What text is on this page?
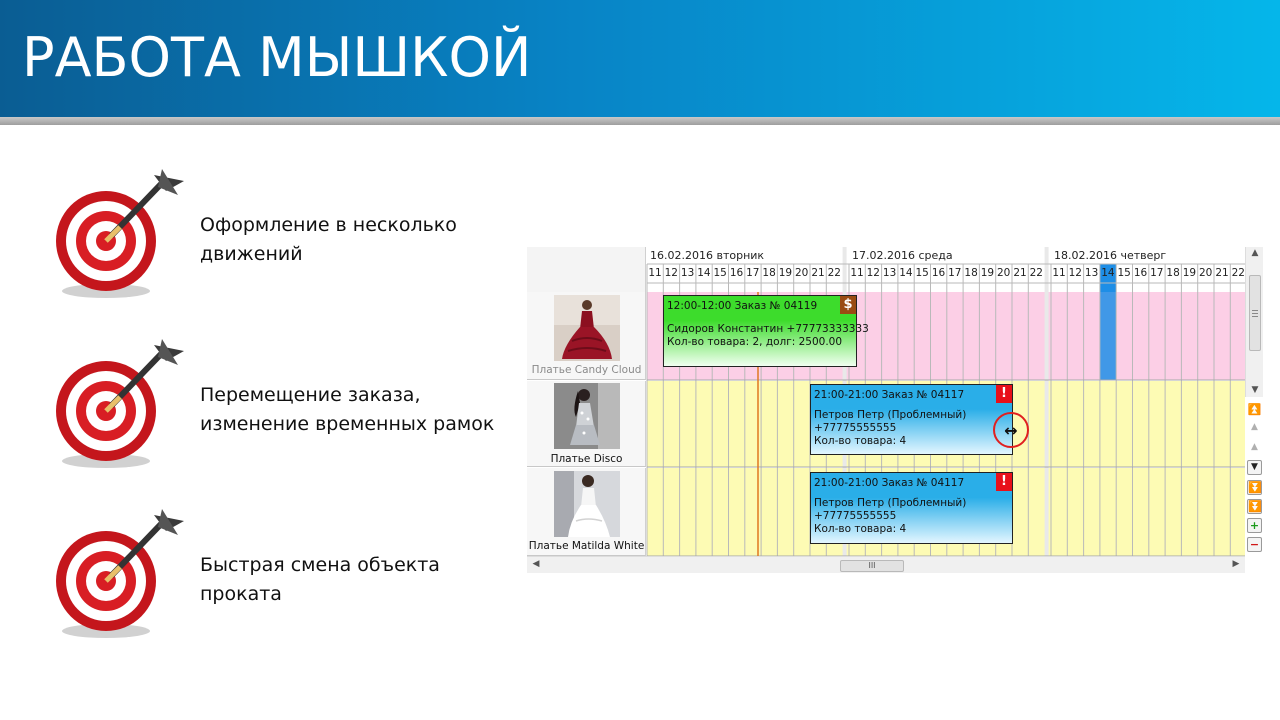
РАБОТА МЫШКОЙ
Оформление в несколько
движений
Перемещение заказа,
изменение временных рамок
Быстрая смена объекта
проката
16.02.2016 вторник
11 12 13 14 15 16 17 18 19 20 21 22
17.02.2016 среда
11 12 13 14 15 16 17 18 19 20 21 22
18.02.2016 четверг
11 12 13 14 15 16 17 18 19 20 21 22
Платье Candy Cloud
Платье Disco
Платье Matilda White
12:00-12:00 Заказ № 04119 $
Сидоров Константин +77773333333
Кол-во товара: 2, долг: 2500.00
21:00-21:00 Заказ № 04117	!
Петров Петр (Проблемный)
+77775555555
Кол-во товара: 4
21:00-21:00 Заказ № 04117	!
Петров Петр (Проблемный)
+77775555555
Кол-во товара: 4
↔
▲
▼
⏫
▲
▲
▼
⏬
⏬
+
−
◀	III	▶
